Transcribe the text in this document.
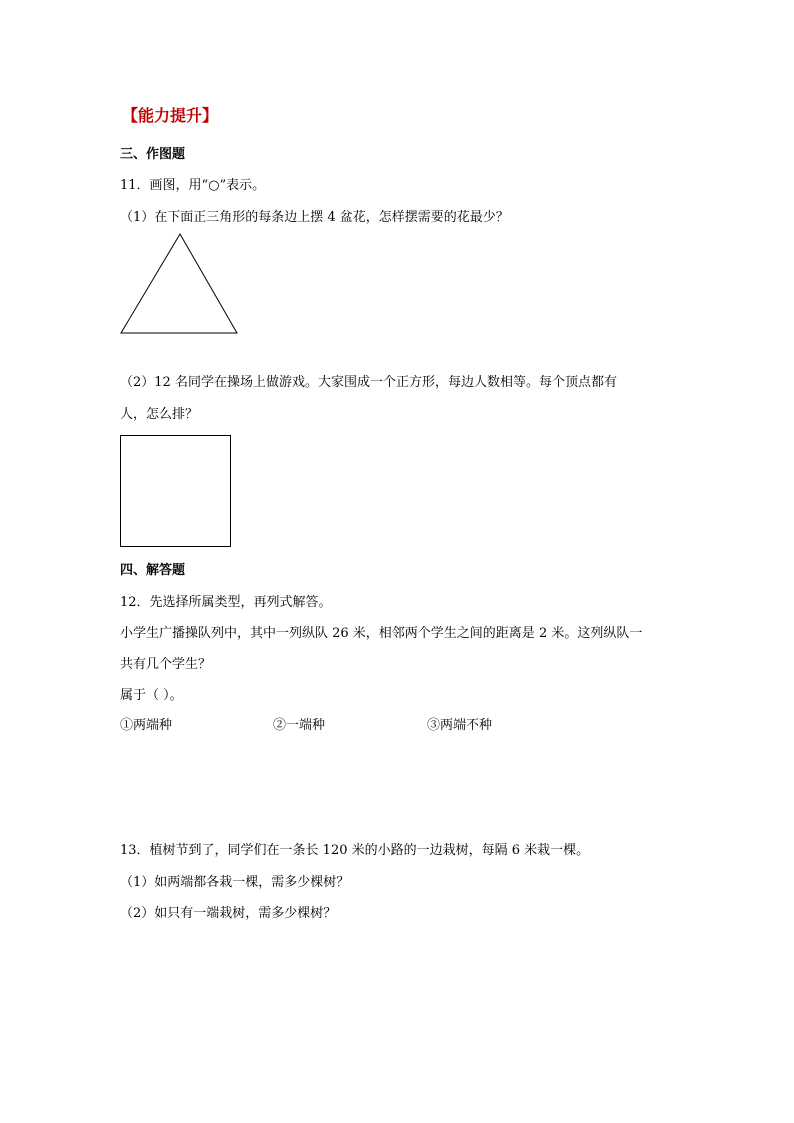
【能力提升】
三、作图题
11．画图，用“○”表示。
（1）在下面正三角形的每条边上摆 4 盆花，怎样摆需要的花最少？
（2）12 名同学在操场上做游戏。大家围成一个正方形，每边人数相等。每个顶点都有
人，怎么排？
四、解答题
12．先选择所属类型，再列式解答。
小学生广播操队列中，其中一列纵队 26 米，相邻两个学生之间的距离是 2 米。这列纵队一
共有几个学生？
属于（ ）。
①两端种	②一端种	③两端不种
13．植树节到了，同学们在一条长 120 米的小路的一边栽树，每隔 6 米栽一棵。
（1）如两端都各栽一棵，需多少棵树？
（2）如只有一端栽树，需多少棵树？
